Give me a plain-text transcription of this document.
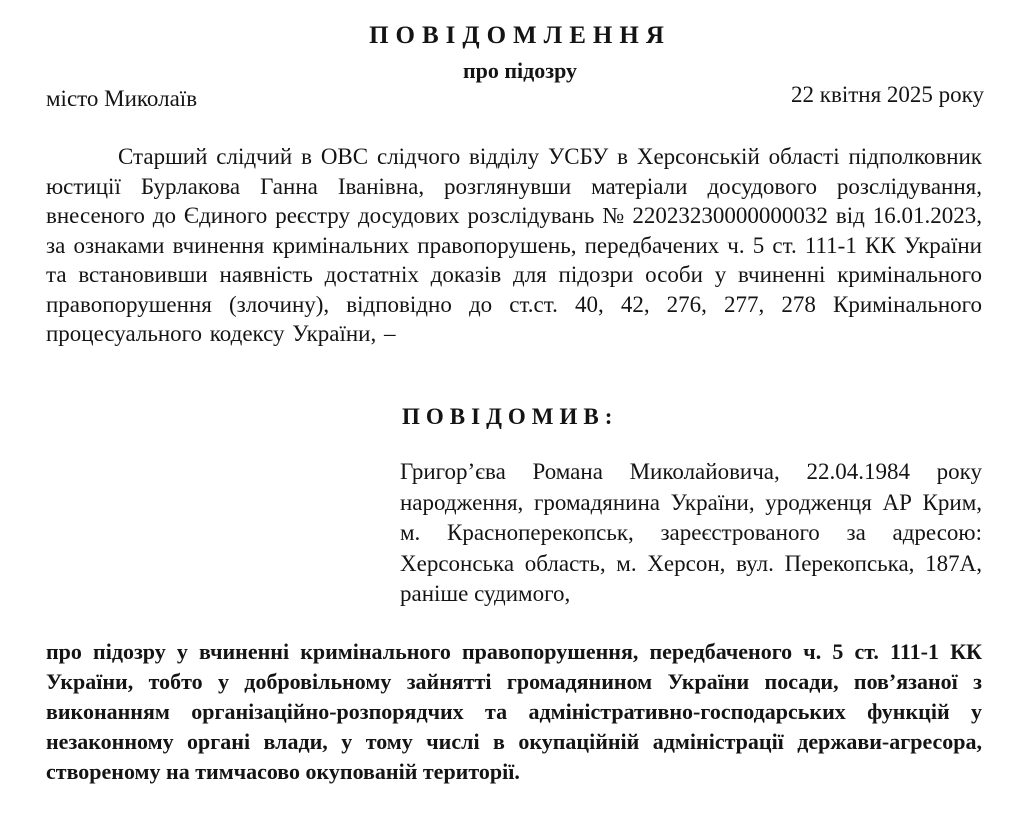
ПОВІДОМЛЕННЯ
про підозру
місто Миколаїв	22 квітня 2025 року
Старший слідчий в ОВС слідчого відділу УСБУ в Херсонській області підполковник юстиції Бурлакова Ганна Іванівна, розглянувши матеріали досудового розслідування, внесеного до Єдиного реєстру досудових розслідувань № 22023230000000032 від 16.01.2023, за ознаками вчинення кримінальних правопорушень, передбачених ч. 5 ст. 111-1 КК України та встановивши наявність достатніх доказів для підозри особи у вчиненні кримінального правопорушення (злочину), відповідно до ст.ст. 40, 42, 276, 277, 278 Кримінального процесуального кодексу України, –
ПОВІДОМИВ:
Григор’єва Романа Миколайовича, 22.04.1984 року народження, громадянина України, уродженця АР Крим, м. Красноперекопськ, зареєстрованого за адресою: Херсонська область, м. Херсон, вул. Перекопська, 187А, раніше судимого,
про підозру у вчиненні кримінального правопорушення, передбаченого ч. 5 ст. 111-1 КК України, тобто у добровільному зайнятті громадянином України посади, пов’язаної з виконанням організаційно-розпорядчих та адміністративно-господарських функцій у незаконному органі влади, у тому числі в окупаційній адміністрації держави-агресора, створеному на тимчасово окупованій території.
